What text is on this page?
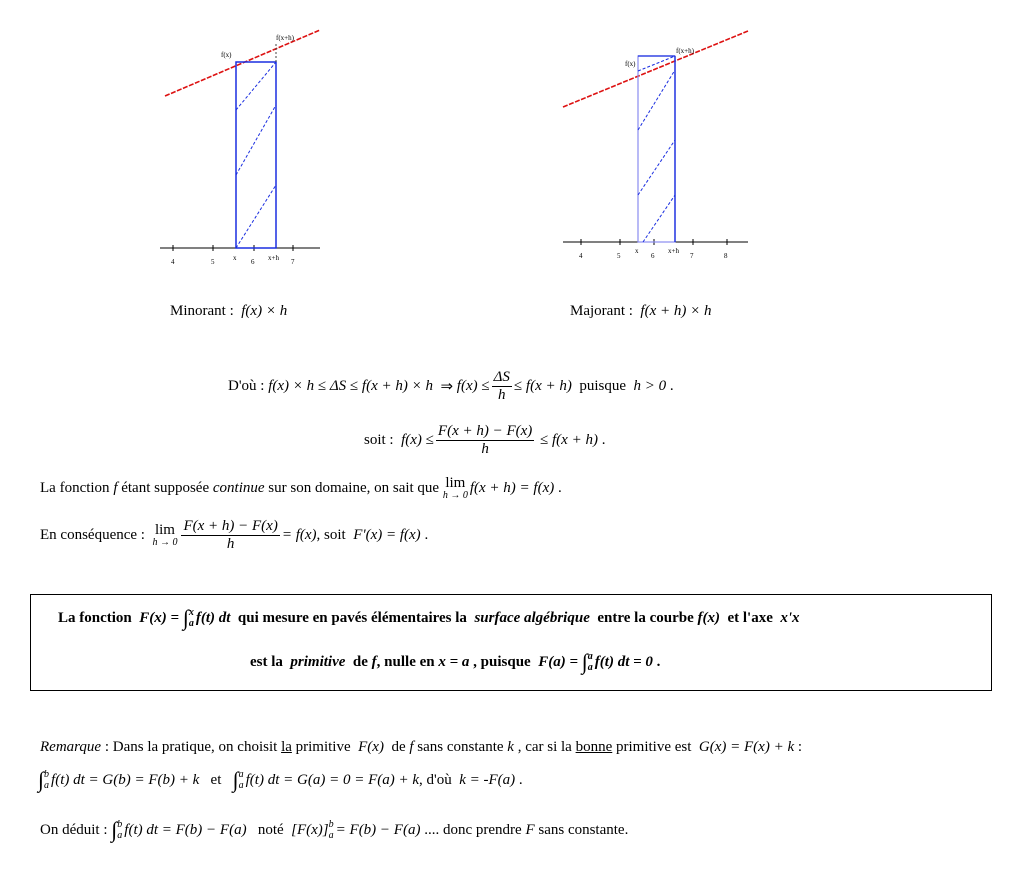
f(x)
f(x+h)
4	5	x 6 x+h 7
f(x)
f(x+h)
4	5
x
6
x+h
7	8
Minorant : f(x) × h	Majorant : f(x + h) × h
D'où :
f(x) × h ≤ ΔS ≤ f(x + h) × h
⇒
$f(x) \le \frac{\Delta S}{h} \le f(x + h)$
puisque
h > 0
.
soit :
$f(x) \le \frac{F(x + h) - F(x)}{h}$
≤ f(x + h)
.
La fonction
f
étant supposée
continue
sur son domaine, on sait que
lim
h → 0 f(x + h) = f(x)
.
En conséquence :
lim
$h \to 0 \frac{F(x + h) - F(x)}{h} = f(x)$ , soit
F'(x) = f(x)
.
La fonction
F(x) =
∫ x
a f(t) dt
qui mesure en pavés élémentaires la
surface algébrique
entre la courbe
f(x)
et l'axe
x'x
est la
primitive
de
f , nulle en
x = a
, puisque
F(a) =
∫ a
a f(t) dt = 0
.
Remarque
: Dans la pratique, on choisit
la
primitive
F(x)
de
f
sans constante
k
, car si la
bonne
primitive est
G(x) = F(x) + k
:
∫ b
a f(t) dt = G(b) = F(b) + k
et
∫ a
a f(t) dt = G(a) = 0 = F(a) + k , d'où
k = -F(a)
.
On déduit :
∫ b
a f(t) dt = F(b) − F(a)
noté
[F(x)] b
a = F(b) − F(a)
.... donc prendre
F
sans constante.
